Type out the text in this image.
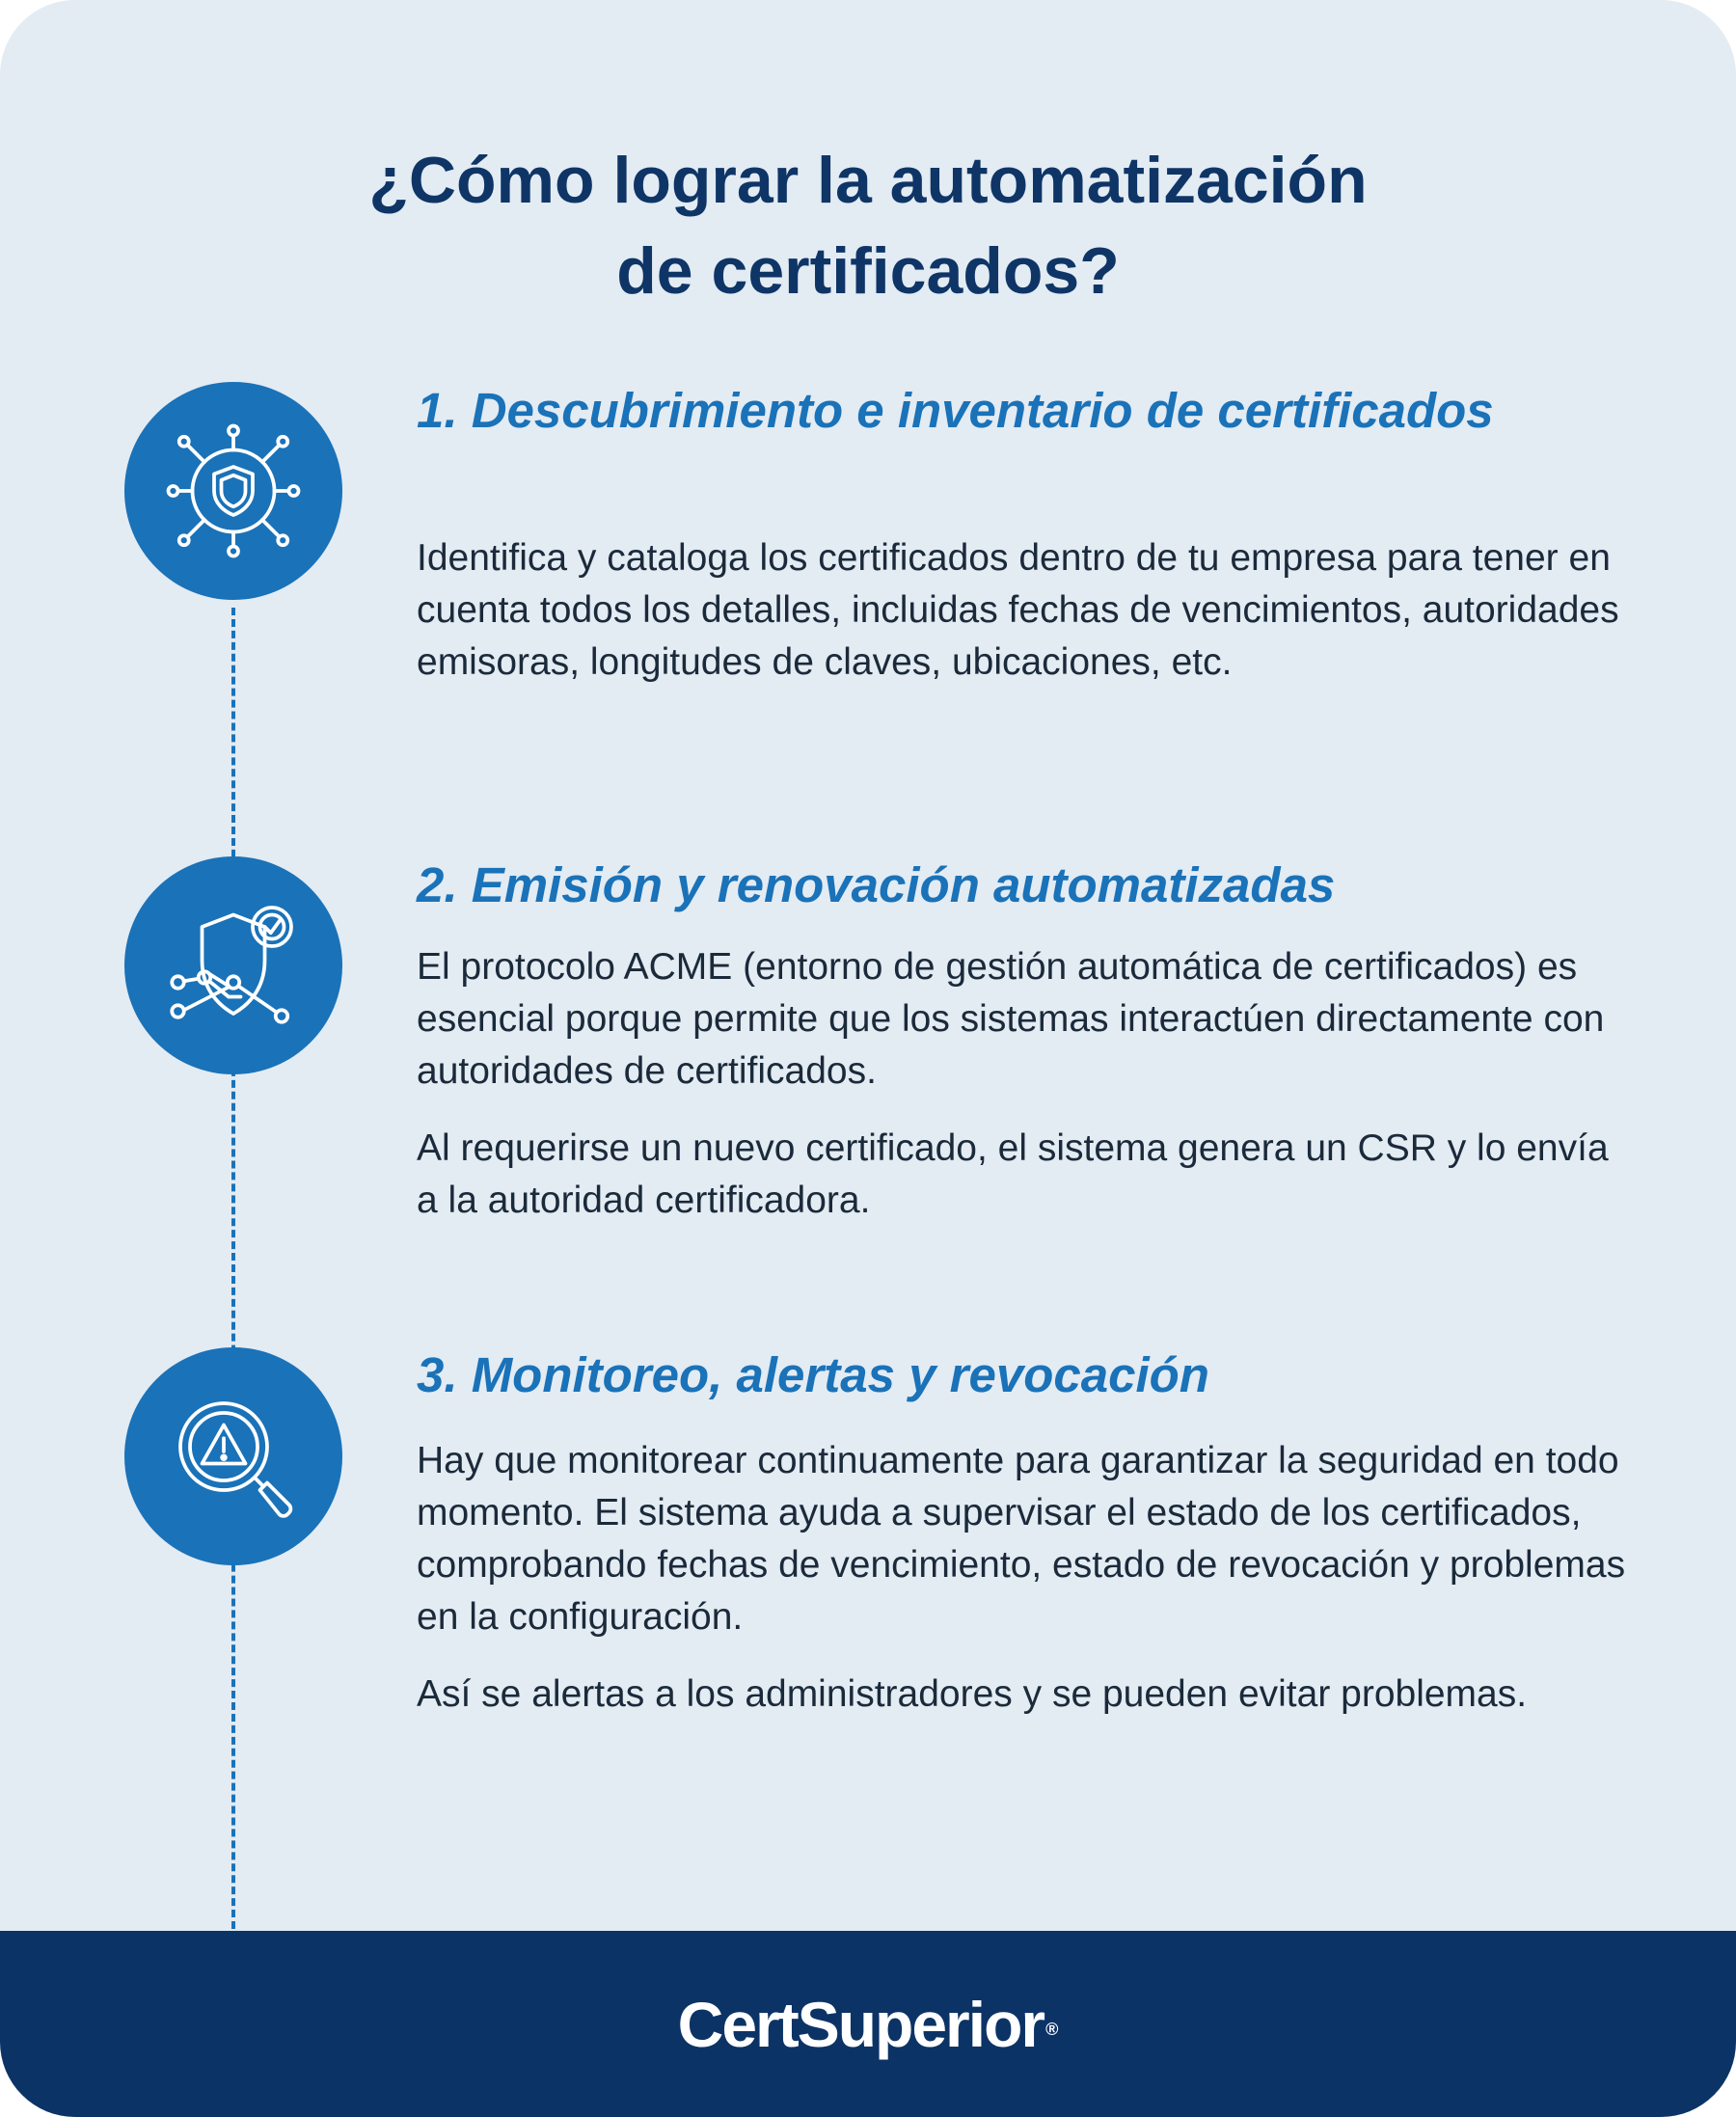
¿Cómo lograr la automatización
de certificados?
1. Descubrimiento e inventario de certificados

Identifica y cataloga los certificados dentro de tu empresa para tener en cuenta todos los detalles, incluidas fechas de vencimientos, autoridades emisoras, longitudes de claves, ubicaciones, etc.

2. Emisión y renovación automatizadas

El protocolo ACME (entorno de gestión automática de certificados) es esencial porque permite que los sistemas interactúen directamente con autoridades de certificados.

Al requerirse un nuevo certificado, el sistema genera un CSR y lo envía a la autoridad certificadora.

3. Monitoreo, alertas y revocación

Hay que monitorear continuamente para garantizar la seguridad en todo momento. El sistema ayuda a supervisar el estado de los certificados, comprobando fechas de vencimiento, estado de revocación y problemas en la configuración.

Así se alertas a los administradores y se pueden evitar problemas.

CertSuperior ®
